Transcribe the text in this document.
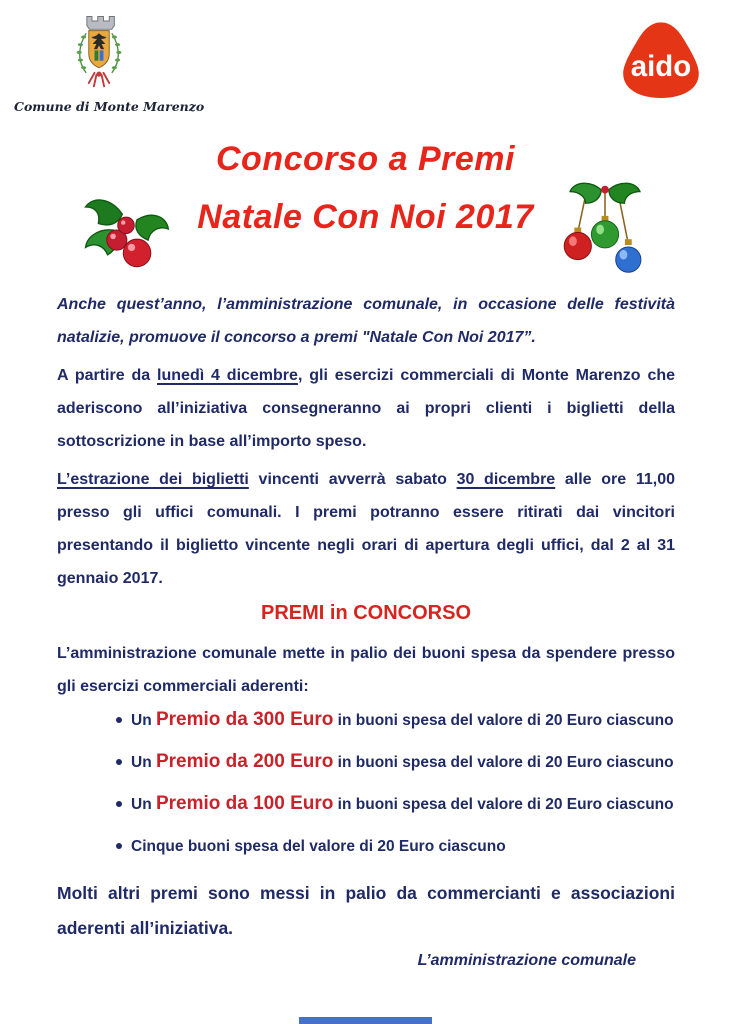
Comune di Monte Marenzo
aido
Concorso a Premi
Natale Con Noi 2017

Anche quest’anno, l’amministrazione comunale, in occasione delle festività natalizie, promuove il concorso a premi "Natale Con Noi 2017”.

A partire da lunedì 4 dicembre, gli esercizi commerciali di Monte Marenzo che aderiscono all’iniziativa consegneranno ai propri clienti i biglietti della sottoscrizione in base all’importo speso.

L’estrazione dei biglietti vincenti avverrà sabato 30 dicembre alle ore 11,00 presso gli uffici comunali. I premi potranno essere ritirati dai vincitori presentando il biglietto vincente negli orari di apertura degli uffici, dal 2 al 31 gennaio 2017.

PREMI in CONCORSO

L’amministrazione comunale mette in palio dei buoni spesa da spendere presso gli esercizi commerciali aderenti:

Un Premio da 300 Euro in buoni spesa del valore di 20 Euro ciascuno
Un Premio da 200 Euro in buoni spesa del valore di 20 Euro ciascuno
Un Premio da 100 Euro in buoni spesa del valore di 20 Euro ciascuno
Cinque buoni spesa del valore di 20 Euro ciascuno

Molti altri premi sono messi in palio da commercianti e associazioni aderenti all’iniziativa.

L’amministrazione comunale
